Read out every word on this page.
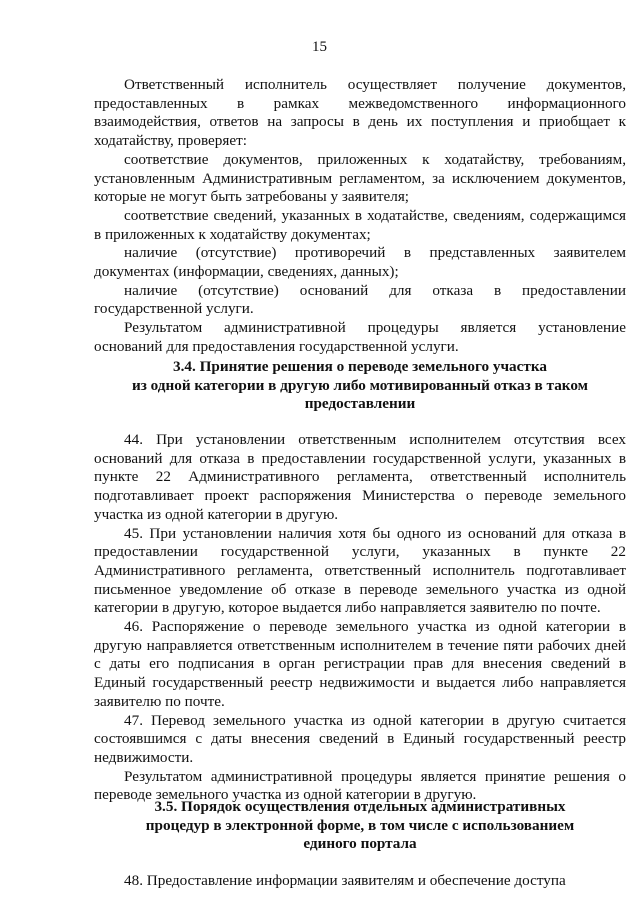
15

Ответственный исполнитель осуществляет получение документов, предоставленных в рамках межведомственного информационного взаимодействия, ответов на запросы в день их поступления и приобщает к ходатайству, проверяет:

соответствие документов, приложенных к ходатайству, требованиям, установленным Административным регламентом, за исключением документов, которые не могут быть затребованы у заявителя;

соответствие сведений, указанных в ходатайстве, сведениям, содержащимся в приложенных к ходатайству документах;

наличие (отсутствие) противоречий в представленных заявителем документах (информации, сведениях, данных);

наличие (отсутствие) оснований для отказа в предоставлении государственной услуги.

Результатом административной процедуры является установление оснований для предоставления государственной услуги.

3.4. Принятие решения о переводе земельного участка
из одной категории в другую либо мотивированный отказ в таком
предоставлении

44. При установлении ответственным исполнителем отсутствия всех оснований для отказа в предоставлении государственной услуги, указанных в пункте 22 Административного регламента, ответственный исполнитель подготавливает проект распоряжения Министерства о переводе земельного участка из одной категории в другую.

45. При установлении наличия хотя бы одного из оснований для отказа в предоставлении государственной услуги, указанных в пункте 22 Административного регламента, ответственный исполнитель подготавливает письменное уведомление об отказе в переводе земельного участка из одной категории в другую, которое выдается либо направляется заявителю по почте.

46. Распоряжение о переводе земельного участка из одной категории в другую направляется ответственным исполнителем в течение пяти рабочих дней с даты его подписания в орган регистрации прав для внесения сведений в Единый государственный реестр недвижимости и выдается либо направляется заявителю по почте.

47. Перевод земельного участка из одной категории в другую считается состоявшимся с даты внесения сведений в Единый государственный реестр недвижимости.

Результатом административной процедуры является принятие решения о переводе земельного участка из одной категории в другую.

3.5. Порядок осуществления отдельных административных
процедур в электронной форме, в том числе с использованием
единого портала

48. Предоставление информации заявителям и обеспечение доступа
